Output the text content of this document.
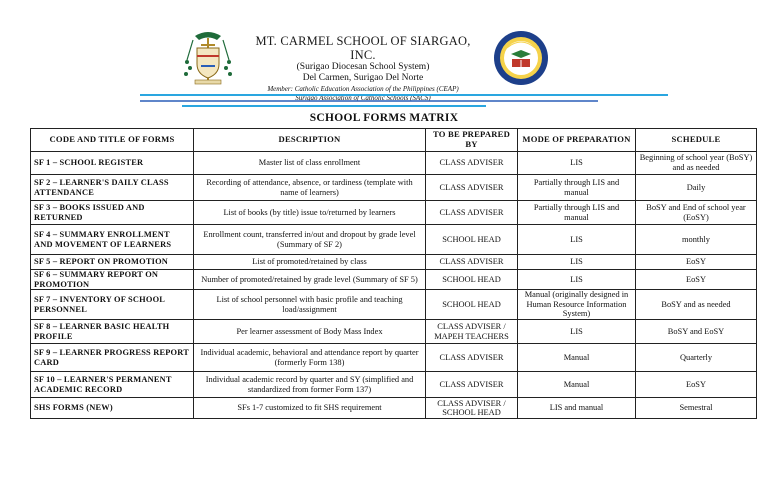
MT. CARMEL SCHOOL OF SIARGAO, INC.
(Surigao Diocesan School System)
Del Carmen, Surigao Del Norte
Member: Catholic Education Association of the Philippines (CEAP)
Surigao Association of Catholic Schools (SACS)
SCHOOL FORMS MATRIX
CODE AND TITLE OF FORMS	DESCRIPTION	TO BE PREPARED BY	MODE OF PREPARATION	SCHEDULE
SF 1 – SCHOOL REGISTER	Master list of class enrollment	CLASS ADVISER	LIS	Beginning of school year (BoSY) and as needed
SF 2 – LEARNER'S DAILY CLASS ATTENDANCE	Recording of attendance, absence, or tardiness (template with name of learners)	CLASS ADVISER	Partially through LIS and manual	Daily
SF 3 – BOOKS ISSUED AND RETURNED	List of books (by title) issue to/returned by learners	CLASS ADVISER	Partially through LIS and manual	BoSY and End of school year (EoSY)
SF 4 – SUMMARY ENROLLMENT AND MOVEMENT OF LEARNERS	Enrollment count, transferred in/out and dropout by grade level (Summary of SF 2)	SCHOOL HEAD	LIS	monthly
SF 5 – REPORT ON PROMOTION	List of promoted/retained by class	CLASS ADVISER	LIS	EoSY
SF 6 – SUMMARY REPORT ON PROMOTION	Number of promoted/retained by grade level (Summary of SF 5)	SCHOOL HEAD	LIS	EoSY
SF 7 – INVENTORY OF SCHOOL PERSONNEL	List of school personnel with basic profile and teaching load/assignment	SCHOOL HEAD	Manual (originally designed in Human Resource Information System)	BoSY and as needed
SF 8 – LEARNER BASIC HEALTH PROFILE	Per learner assessment of Body Mass Index	CLASS ADVISER / MAPEH TEACHERS	LIS	BoSY and EoSY
SF 9 – LEARNER PROGRESS REPORT CARD	Individual academic, behavioral and attendance report by quarter (formerly Form 138)	CLASS ADVISER	Manual	Quarterly
SF 10 – LEARNER'S PERMANENT ACADEMIC RECORD	Individual academic record by quarter and SY (simplified and standardized from former Form 137)	CLASS ADVISER	Manual	EoSY
SHS FORMS (NEW)	SFs 1-7 customized to fit SHS requirement	CLASS ADVISER / SCHOOL HEAD	LIS and manual	Semestral
